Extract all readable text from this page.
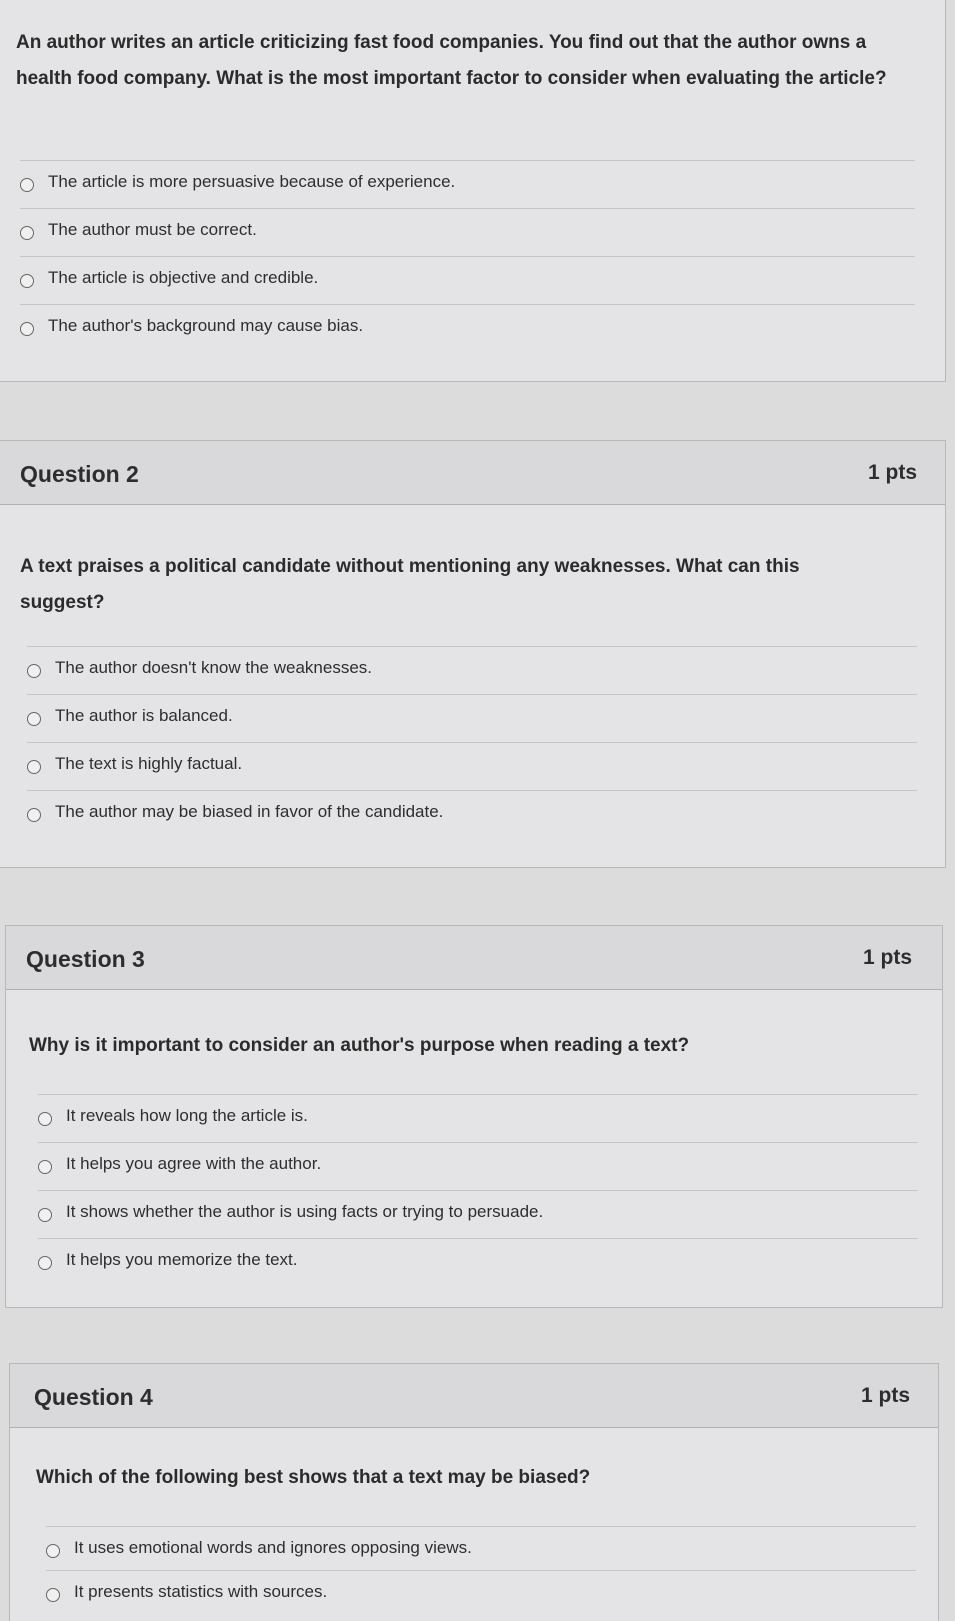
An author writes an article criticizing fast food companies. You find out that the author owns a health food company. What is the most important factor to consider when evaluating the article?
The article is more persuasive because of experience.
The author must be correct.
The article is objective and credible.
The author's background may cause bias.
Question 2	1 pts
A text praises a political candidate without mentioning any weaknesses. What can this suggest?
The author doesn't know the weaknesses.
The author is balanced.
The text is highly factual.
The author may be biased in favor of the candidate.
Question 3	1 pts
Why is it important to consider an author's purpose when reading a text?
It reveals how long the article is.
It helps you agree with the author.
It shows whether the author is using facts or trying to persuade.
It helps you memorize the text.
Question 4	1 pts
Which of the following best shows that a text may be biased?
It uses emotional words and ignores opposing views.
It presents statistics with sources.
